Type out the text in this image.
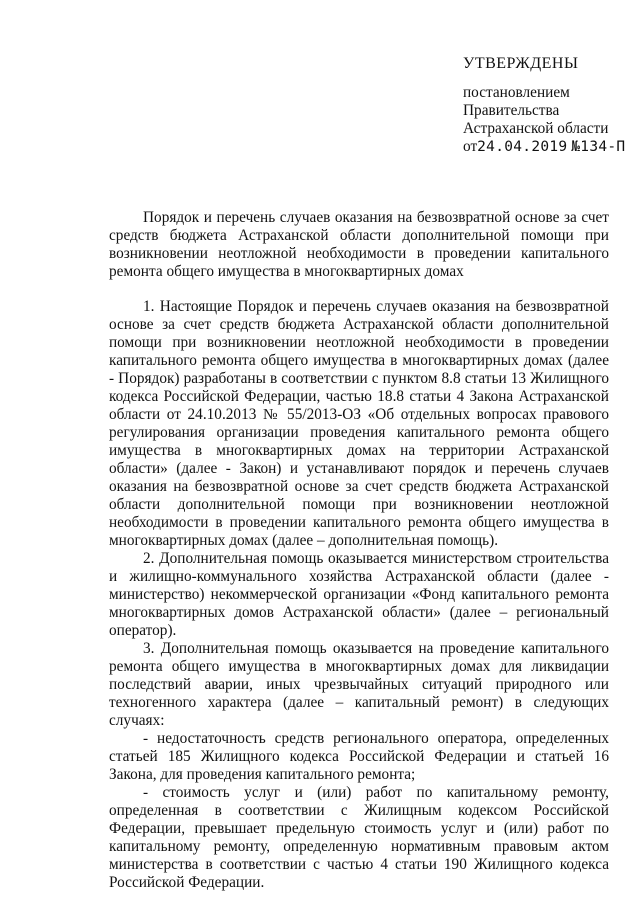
УТВЕРЖДЕНЫ
постановлением
Правительства
Астраханской области
от24.04.2019 №134-П
Порядок и перечень случаев оказания на безвозвратной основе за счет средств бюджета Астраханской области дополнительной помощи при возникновении неотложной необходимости в проведении капитального ремонта общего имущества в многоквартирных домах

1. Настоящие Порядок и перечень случаев оказания на безвозвратной основе за счет средств бюджета Астраханской области дополнительной помощи при возникновении неотложной необходимости в проведении капитального ремонта общего имущества в многоквартирных домах (далее - Порядок) разработаны в соответствии с пунктом 8.8 статьи 13 Жилищного кодекса Российской Федерации, частью 18.8 статьи 4 Закона Астраханской области от 24.10.2013 № 55/2013-ОЗ «Об отдельных вопросах правового регулирования организации проведения капитального ремонта общего имущества в многоквартирных домах на территории Астраханской области» (далее - Закон) и устанавливают порядок и перечень случаев оказания на безвозвратной основе за счет средств бюджета Астраханской области дополнительной помощи при возникновении неотложной необходимости в проведении капитального ремонта общего имущества в многоквартирных домах (далее – дополнительная помощь).

2. Дополнительная помощь оказывается министерством строительства и жилищно-коммунального хозяйства Астраханской области (далее - министерство) некоммерческой организации «Фонд капитального ремонта многоквартирных домов Астраханской области» (далее – региональный оператор).

3. Дополнительная помощь оказывается на проведение капитального ремонта общего имущества в многоквартирных домах для ликвидации последствий аварии, иных чрезвычайных ситуаций природного или техногенного характера (далее – капитальный ремонт) в следующих случаях:

- недостаточность средств регионального оператора, определенных статьей 185 Жилищного кодекса Российской Федерации и статьей 16 Закона, для проведения капитального ремонта;

- стоимость услуг и (или) работ по капитальному ремонту, определенная в соответствии с Жилищным кодексом Российской Федерации, превышает предельную стоимость услуг и (или) работ по капитальному ремонту, определенную нормативным правовым актом министерства в соответствии с частью 4 статьи 190 Жилищного кодекса Российской Федерации.
